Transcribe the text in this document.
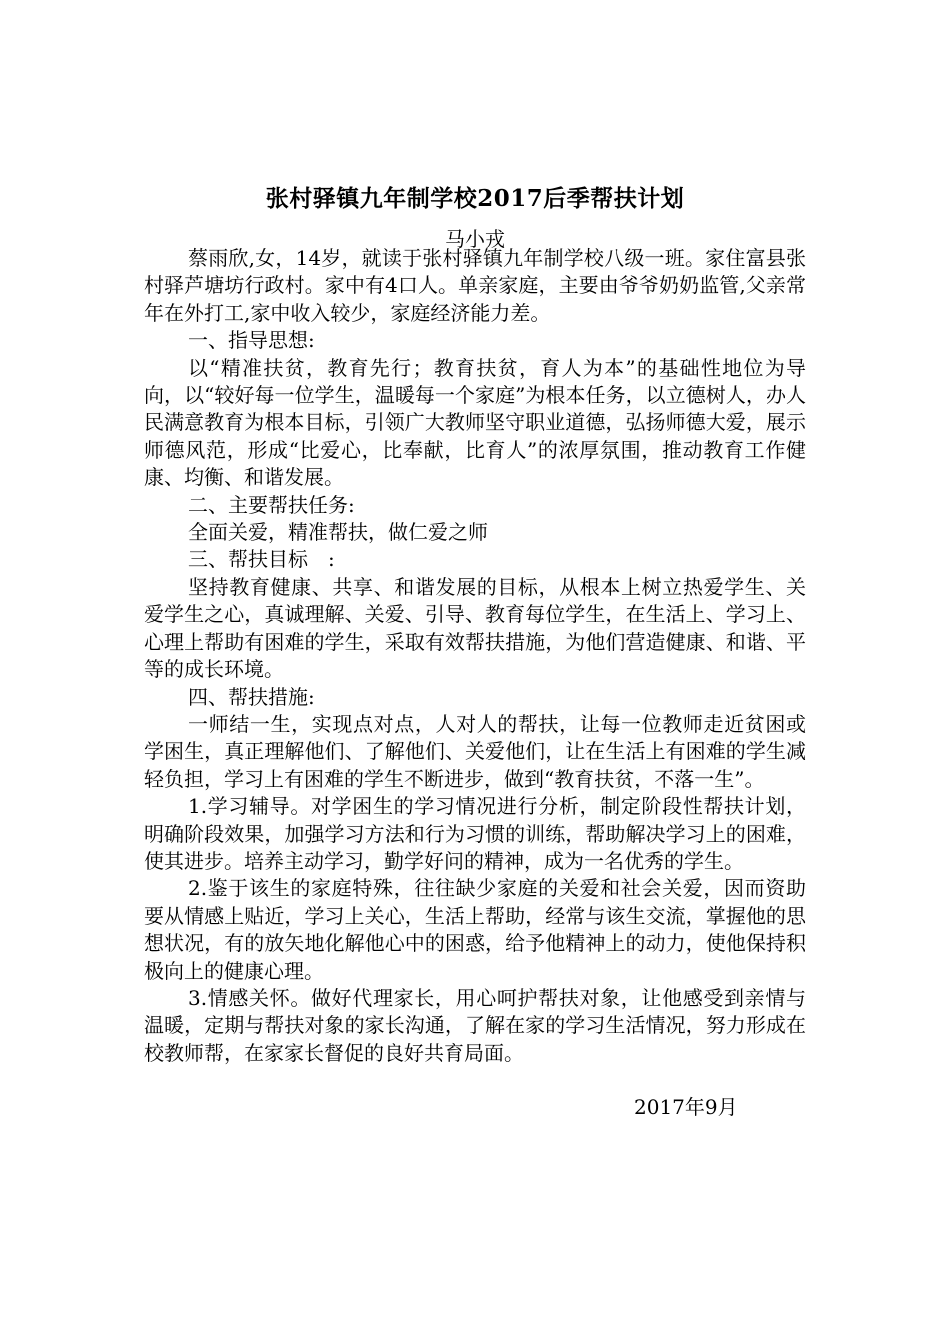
张村驿镇九年制学校2017后季帮扶计划
马小戎

蔡雨欣,女，14岁，就读于张村驿镇九年制学校八级一班。家住富县张村驿芦塘坊行政村。家中有4口人。单亲家庭，主要由爷爷奶奶监管,父亲常年在外打工,家中收入较少，家庭经济能力差。

一、指导思想:

以“精准扶贫，教育先行；教育扶贫，育人为本”的基础性地位为导向，以“较好每一位学生，温暖每一个家庭”为根本任务，以立德树人，办人民满意教育为根本目标，引领广大教师坚守职业道德，弘扬师德大爱，展示师德风范，形成“比爱心，比奉献，比育人”的浓厚氛围，推动教育工作健康、均衡、和谐发展。

二、主要帮扶任务:

全面关爱，精准帮扶，做仁爱之师

三、帮扶目标　:

坚持教育健康、共享、和谐发展的目标，从根本上树立热爱学生、关爱学生之心，真诚理解、关爱、引导、教育每位学生，在生活上、学习上、心理上帮助有困难的学生，采取有效帮扶措施，为他们营造健康、和谐、平等的成长环境。

四、帮扶措施:

一师结一生，实现点对点，人对人的帮扶，让每一位教师走近贫困或学困生，真正理解他们、了解他们、关爱他们，让在生活上有困难的学生减轻负担，学习上有困难的学生不断进步，做到“教育扶贫，不落一生”。

1.学习辅导。对学困生的学习情况进行分析，制定阶段性帮扶计划，明确阶段效果，加强学习方法和行为习惯的训练，帮助解决学习上的困难，使其进步。培养主动学习，勤学好问的精神，成为一名优秀的学生。

2.鉴于该生的家庭特殊，往往缺少家庭的关爱和社会关爱，因而资助要从情感上贴近，学习上关心，生活上帮助，经常与该生交流，掌握他的思想状况，有的放矢地化解他心中的困惑，给予他精神上的动力，使他保持积极向上的健康心理。

3.情感关怀。做好代理家长，用心呵护帮扶对象，让他感受到亲情与温暖，定期与帮扶对象的家长沟通，了解在家的学习生活情况，努力形成在校教师帮，在家家长督促的良好共育局面。

2017年9月
